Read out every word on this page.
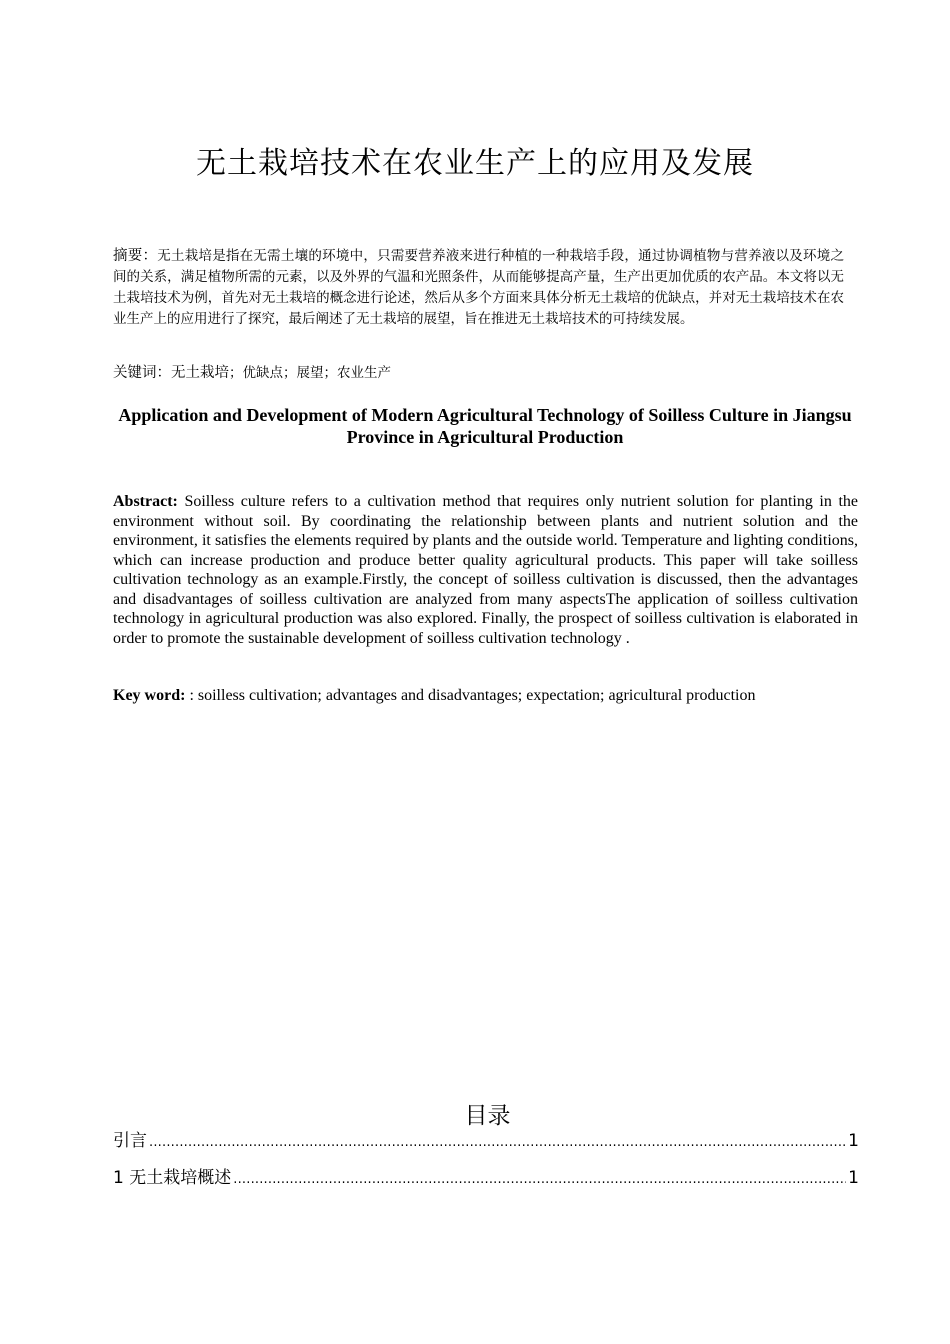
无土栽培技术在农业生产上的应用及发展
摘要：无土栽培是指在无需土壤的环境中，只需要营养液来进行种植的一种栽培手段，通过协调植物与营养液以及环境之间的关系，满足植物所需的元素，以及外界的气温和光照条件，从而能够提高产量，生产出更加优质的农产品。本文将以无土栽培技术为例，首先对无土栽培的概念进行论述，然后从多个方面来具体分析无土栽培的优缺点，并对无土栽培技术在农业生产上的应用进行了探究，最后阐述了无土栽培的展望，旨在推进无土栽培技术的可持续发展。
关键词：无土栽培；优缺点；展望；农业生产
Application and Development of Modern Agricultural Technology of Soilless Culture in Jiangsu Province in Agricultural Production
Abstract: Soilless culture refers to a cultivation method that requires only nutrient solution for planting in the environment without soil. By coordinating the relationship between plants and nutrient solution and the environment, it satisfies the elements required by plants and the outside world. Temperature and lighting conditions, which can increase production and produce better quality agricultural products. This paper will take soilless cultivation technology as an example.Firstly, the concept of soilless cultivation is discussed, then the advantages and disadvantages of soilless cultivation are analyzed from many aspectsThe application of soilless cultivation technology in agricultural production was also explored. Finally, the prospect of soilless cultivation is elaborated in order to promote the sustainable development of soilless cultivation technology .
Key word: : soilless cultivation; advantages and disadvantages; expectation; agricultural production
目录
引言 .....	1
1 无土栽培概述 .....	1
